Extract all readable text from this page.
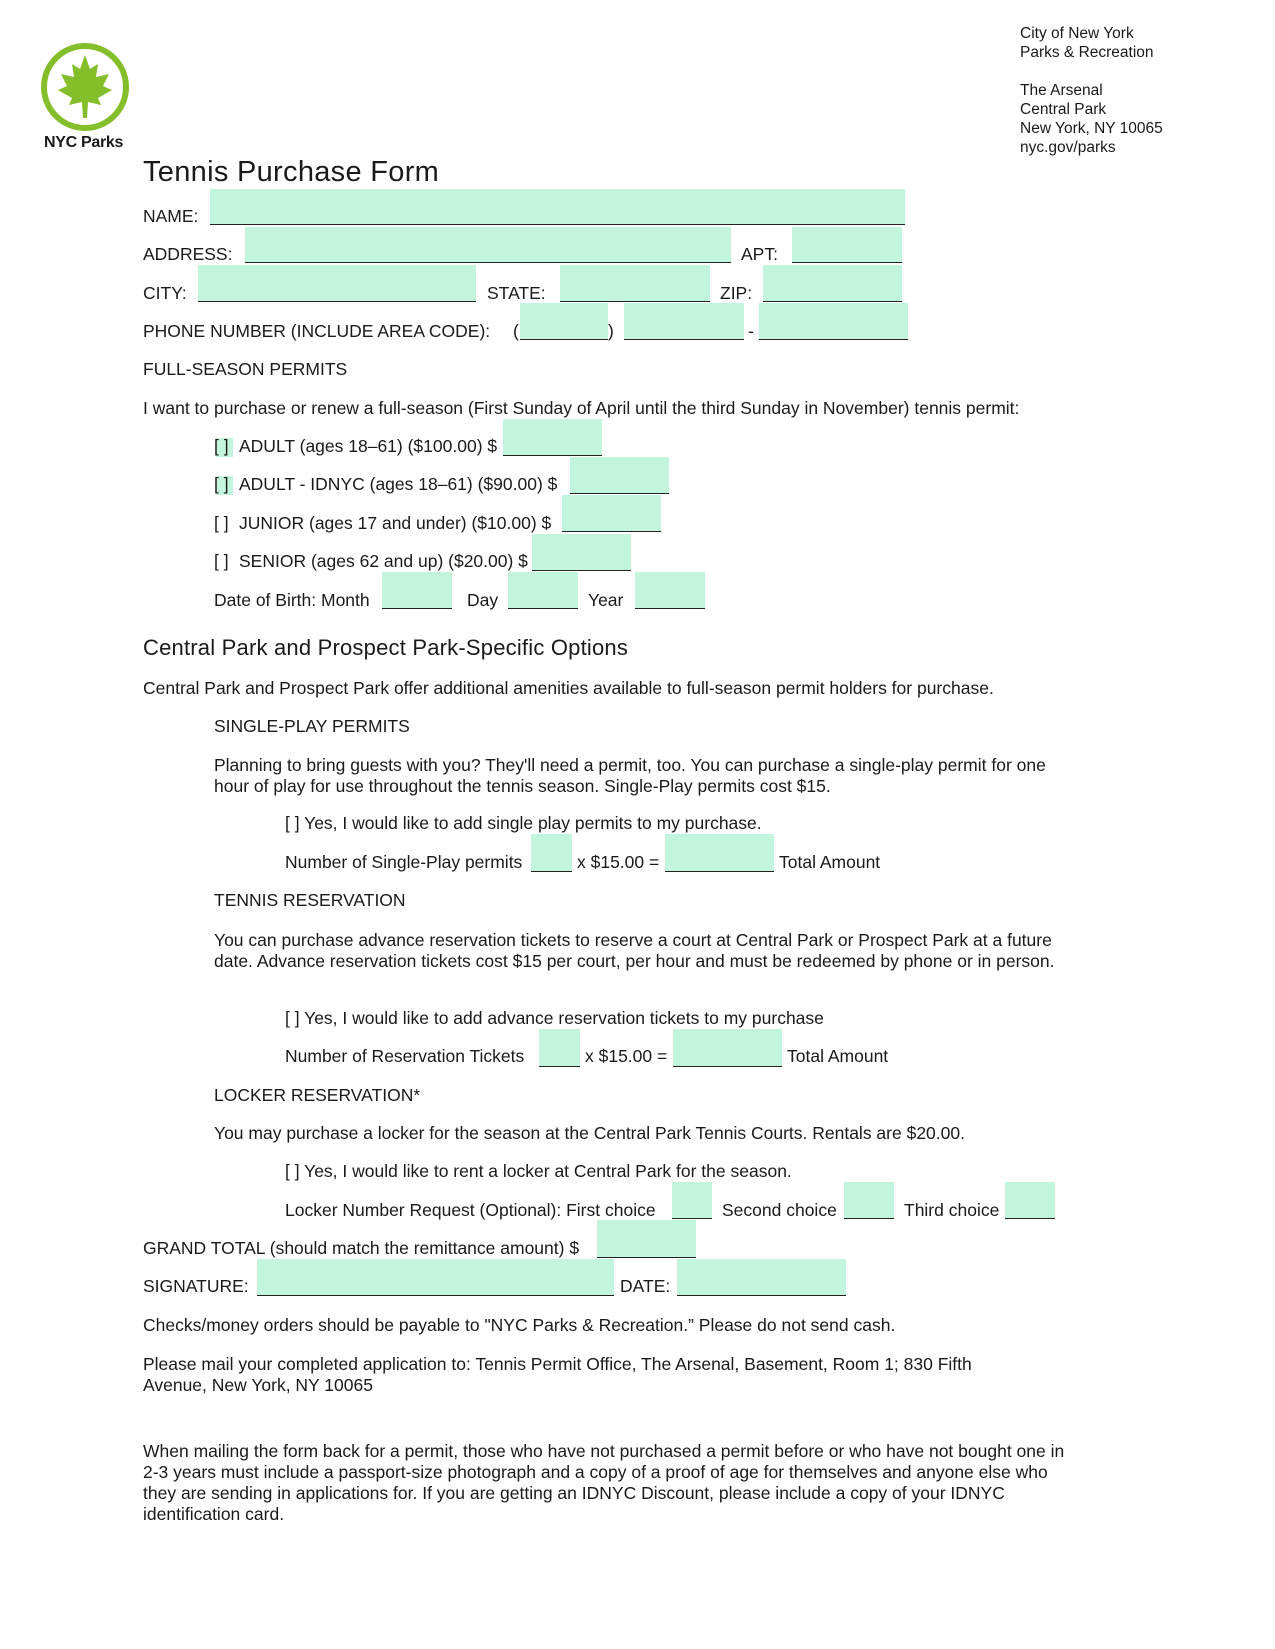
NYC Parks
City of New York
Parks & Recreation

The Arsenal
Central Park
New York, NY 10065
nyc.gov/parks
Tennis Purchase Form
NAME:
ADDRESS:	APT:
CITY:	STATE:	ZIP:
PHONE NUMBER (INCLUDE AREA CODE): (	)	-
FULL-SEASON PERMITS
I want to purchase or renew a full-season (First Sunday of April until the third Sunday in November) tennis permit:
[ ] ADULT (ages 18–61) ($100.00) $
[ ] ADULT - IDNYC (ages 18–61) ($90.00) $
[ ] JUNIOR (ages 17 and under) ($10.00) $
[ ] SENIOR (ages 62 and up) ($20.00) $
Date of Birth: Month	Day	Year
Central Park and Prospect Park-Specific Options
Central Park and Prospect Park offer additional amenities available to full-season permit holders for purchase.
SINGLE-PLAY PERMITS
Planning to bring guests with you? They'll need a permit, too. You can purchase a single-play permit for one hour of play for use throughout the tennis season. Single-Play permits cost $15.
[ ] Yes, I would like to add single play permits to my purchase.
Number of Single-Play permits	x $15.00 =	Total Amount
TENNIS RESERVATION
You can purchase advance reservation tickets to reserve a court at Central Park or Prospect Park at a future date. Advance reservation tickets cost $15 per court, per hour and must be redeemed by phone or in person.
[ ] Yes, I would like to add advance reservation tickets to my purchase
Number of Reservation Tickets	x $15.00 =	Total Amount
LOCKER RESERVATION*
You may purchase a locker for the season at the Central Park Tennis Courts. Rentals are $20.00.
[ ] Yes, I would like to rent a locker at Central Park for the season.
Locker Number Request (Optional): First choice	Second choice	Third choice
GRAND TOTAL (should match the remittance amount) $
SIGNATURE:	DATE:
Checks/money orders should be payable to "NYC Parks & Recreation.” Please do not send cash.
Please mail your completed application to: Tennis Permit Office, The Arsenal, Basement, Room 1; 830 Fifth Avenue, New York, NY 10065
When mailing the form back for a permit, those who have not purchased a permit before or who have not bought one in 2-3 years must include a passport-size photograph and a copy of a proof of age for themselves and anyone else who they are sending in applications for. If you are getting an IDNYC Discount, please include a copy of your IDNYC identification card.
